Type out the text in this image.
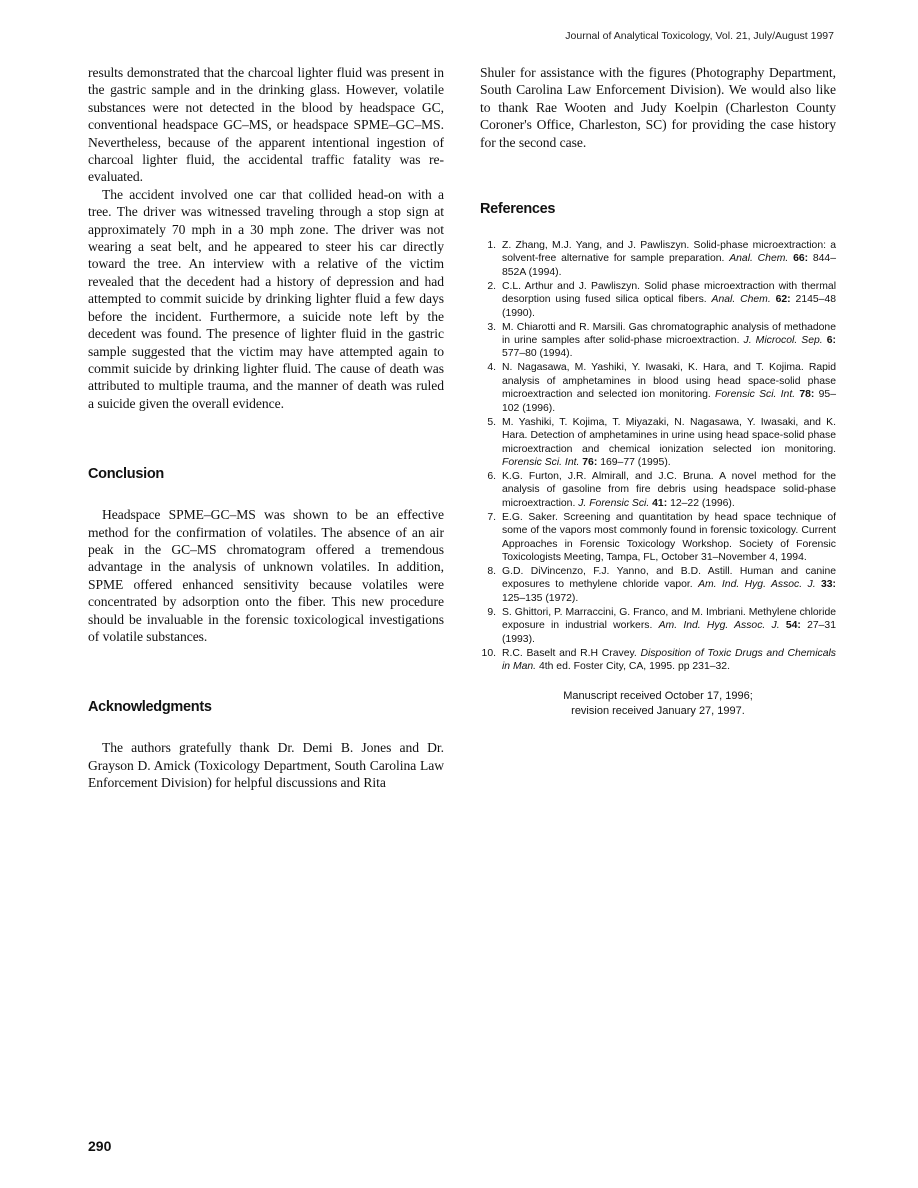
Journal of Analytical Toxicology, Vol. 21, July/August 1997

results demonstrated that the charcoal lighter fluid was present in the gastric sample and in the drinking glass. However, volatile substances were not detected in the blood by headspace GC, conventional headspace GC–MS, or headspace SPME–GC–MS. Nevertheless, because of the apparent intentional ingestion of charcoal lighter fluid, the accidental traffic fatality was re-evaluated.

The accident involved one car that collided head-on with a tree. The driver was witnessed traveling through a stop sign at approximately 70 mph in a 30 mph zone. The driver was not wearing a seat belt, and he appeared to steer his car directly toward the tree. An interview with a relative of the victim revealed that the decedent had a history of depression and had attempted to commit suicide by drinking lighter fluid a few days before the incident. Furthermore, a suicide note left by the decedent was found. The presence of lighter fluid in the gastric sample suggested that the victim may have attempted again to commit suicide by drinking lighter fluid. The cause of death was attributed to multiple trauma, and the manner of death was ruled a suicide given the overall evidence.

Conclusion

Headspace SPME–GC–MS was shown to be an effective method for the confirmation of volatiles. The absence of an air peak in the GC–MS chromatogram offered a tremendous advantage in the analysis of unknown volatiles. In addition, SPME offered enhanced sensitivity because volatiles were concentrated by adsorption onto the fiber. This new procedure should be invaluable in the forensic toxicological investigations of volatile substances.

Acknowledgments

The authors gratefully thank Dr. Demi B. Jones and Dr. Grayson D. Amick (Toxicology Department, South Carolina Law Enforcement Division) for helpful discussions and Rita

Shuler for assistance with the figures (Photography Department, South Carolina Law Enforcement Division). We would also like to thank Rae Wooten and Judy Koelpin (Charleston County Coroner's Office, Charleston, SC) for providing the case history for the second case.

References
1. Z. Zhang, M.J. Yang, and J. Pawliszyn. Solid-phase microextraction: a solvent-free alternative for sample preparation. Anal. Chem. 66: 844–852A (1994).
2. C.L. Arthur and J. Pawliszyn. Solid phase microextraction with thermal desorption using fused silica optical fibers. Anal. Chem. 62: 2145–48 (1990).
3. M. Chiarotti and R. Marsili. Gas chromatographic analysis of methadone in urine samples after solid-phase microextraction. J. Microcol. Sep. 6: 577–80 (1994).
4. N. Nagasawa, M. Yashiki, Y. Iwasaki, K. Hara, and T. Kojima. Rapid analysis of amphetamines in blood using head space-solid phase microextraction and selected ion monitoring. Forensic Sci. Int. 78: 95–102 (1996).
5. M. Yashiki, T. Kojima, T. Miyazaki, N. Nagasawa, Y. Iwasaki, and K. Hara. Detection of amphetamines in urine using head space-solid phase microextraction and chemical ionization selected ion monitoring. Forensic Sci. Int. 76: 169–77 (1995).
6. K.G. Furton, J.R. Almirall, and J.C. Bruna. A novel method for the analysis of gasoline from fire debris using headspace solid-phase microextraction. J. Forensic Sci. 41: 12–22 (1996).
7. E.G. Saker. Screening and quantitation by head space technique of some of the vapors most commonly found in forensic toxicology. Current Approaches in Forensic Toxicology Workshop. Society of Forensic Toxicologists Meeting, Tampa, FL, October 31–November 4, 1994.
8. G.D. DiVincenzo, F.J. Yanno, and B.D. Astill. Human and canine exposures to methylene chloride vapor. Am. Ind. Hyg. Assoc. J. 33: 125–135 (1972).
9. S. Ghittori, P. Marraccini, G. Franco, and M. Imbriani. Methylene chloride exposure in industrial workers. Am. Ind. Hyg. Assoc. J. 54: 27–31 (1993).
10. R.C. Baselt and R.H Cravey. Disposition of Toxic Drugs and Chemicals in Man. 4th ed. Foster City, CA, 1995. pp 231–32.
Manuscript received October 17, 1996;
revision received January 27, 1997.
290
